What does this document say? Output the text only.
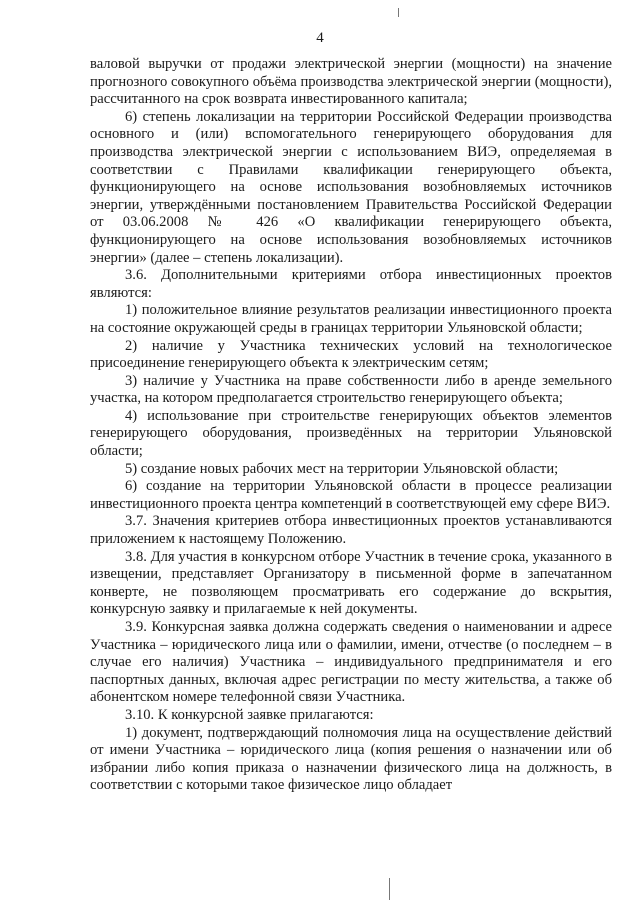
4

валовой выручки от продажи электрической энергии (мощности) на значение прогнозного совокупного объёма производства электрической энергии (мощности), рассчитанного на срок возврата инвестированного капитала;

6) степень локализации на территории Российской Федерации производства основного и (или) вспомогательного генерирующего оборудования для производства электрической энергии с использованием ВИЭ, определяемая в соответствии с Правилами квалификации генерирующего объекта, функционирующего на основе использования возобновляемых источников энергии, утверждёнными постановлением Правительства Российской Федерации от 03.06.2008 № 426 «О квалификации генерирующего объекта, функционирующего на основе использования возобновляемых источников энергии» (далее – степень локализации).

3.6. Дополнительными критериями отбора инвестиционных проектов являются:

1) положительное влияние результатов реализации инвестиционного проекта на состояние окружающей среды в границах территории Ульяновской области;

2) наличие у Участника технических условий на технологическое присоединение генерирующего объекта к электрическим сетям;

3) наличие у Участника на праве собственности либо в аренде земельного участка, на котором предполагается строительство генерирующего объекта;

4) использование при строительстве генерирующих объектов элементов генерирующего оборудования, произведённых на территории Ульяновской области;

5) создание новых рабочих мест на территории Ульяновской области;

6) создание на территории Ульяновской области в процессе реализации инвестиционного проекта центра компетенций в соответствующей ему сфере ВИЭ.

3.7. Значения критериев отбора инвестиционных проектов устанавливаются приложением к настоящему Положению.

3.8. Для участия в конкурсном отборе Участник в течение срока, указанного в извещении, представляет Организатору в письменной форме в запечатанном конверте, не позволяющем просматривать его содержание до вскрытия, конкурсную заявку и прилагаемые к ней документы.

3.9. Конкурсная заявка должна содержать сведения о наименовании и адресе Участника – юридического лица или о фамилии, имени, отчестве (о последнем – в случае его наличия) Участника – индивидуального предпринимателя и его паспортных данных, включая адрес регистрации по месту жительства, а также об абонентском номере телефонной связи Участника.

3.10. К конкурсной заявке прилагаются:

1) документ, подтверждающий полномочия лица на осуществление действий от имени Участника – юридического лица (копия решения о назначении или об избрании либо копия приказа о назначении физического лица на должность, в соответствии с которыми такое физическое лицо обладает
